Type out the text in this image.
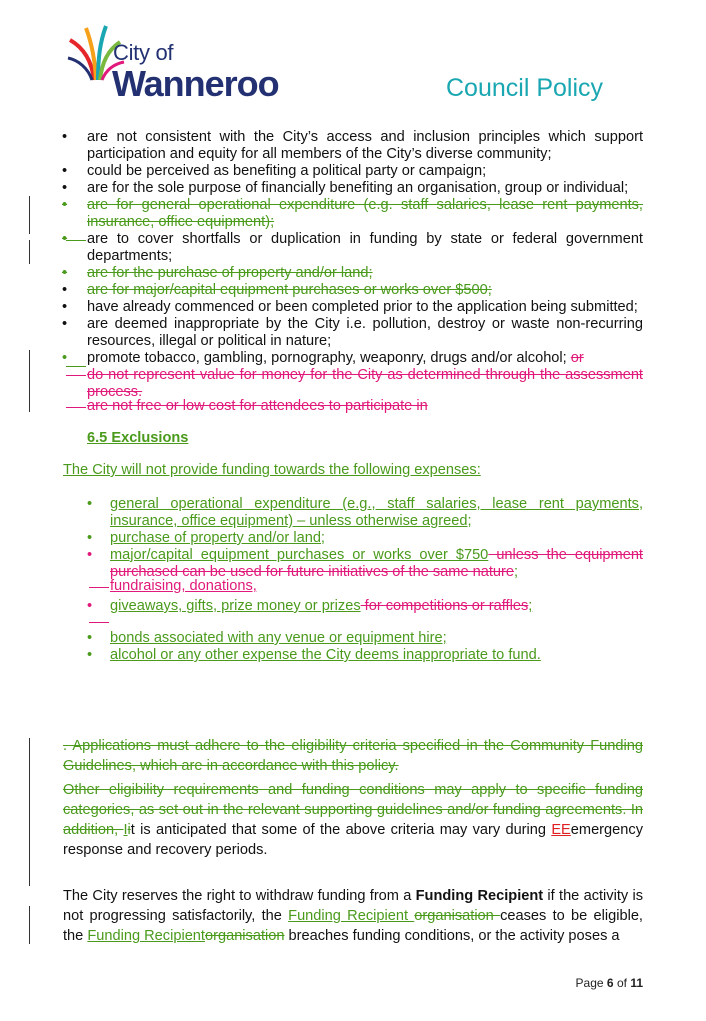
City of
Wanneroo	Council Policy
• are not consistent with the City’s access and inclusion principles which support participation and equity for all members of the City’s diverse community;
• could be perceived as benefiting a political party or campaign;
• are for the sole purpose of financially benefiting an organisation, group or individual;
• are for general operational expenditure (e.g. staff salaries, lease rent payments, insurance, office equipment);
• are to cover shortfalls or duplication in funding by state or federal government departments;
• are for the purchase of property and/or land;
• are for major/capital equipment purchases or works over $500;
• have already commenced or been completed prior to the application being submitted;
• are deemed inappropriate by the City i.e. pollution, destroy or waste non-recurring resources, illegal or political in nature;
• promote tobacco, gambling, pornography, weaponry, drugs and/or alcohol; or
do not represent value for money for the City as determined through the assessment process.
are not free or low cost for attendees to participate in
6.5 Exclusions
The City will not provide funding towards the following expenses:
• general operational expenditure (e.g., staff salaries, lease rent payments, insurance, office equipment) – unless otherwise agreed;
• purchase of property and/or land;
• major/capital equipment purchases or works over $750 unless the equipment purchased can be used for future initiatives of the same nature;
fundraising, donations,
• giveaways, gifts, prize money or prizes for competitions or raffles;
• bonds associated with any venue or equipment hire;
• alcohol or any other expense the City deems inappropriate to fund.
. Applications must adhere to the eligibility criteria specified in the Community Funding Guidelines, which are in accordance with this policy.
Other eligibility requirements and funding conditions may apply to specific funding categories, as set out in the relevant supporting guidelines and/or funding agreements. In addition, Iit is anticipated that some of the above criteria may vary during EEemergency response and recovery periods.
The City reserves the right to withdraw funding from a Funding Recipient if the activity is not progressing satisfactorily, the Funding Recipient organisation ceases to be eligible, the Funding Recipientorganisation breaches funding conditions, or the activity poses a
Page 6 of 11
